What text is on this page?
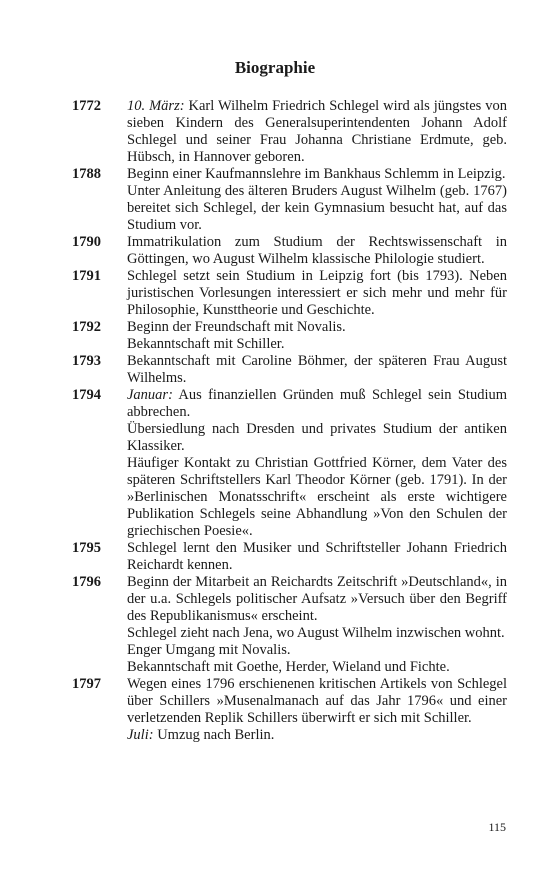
Biographie
1772 10. März: Karl Wilhelm Friedrich Schlegel wird als jüngstes von sieben Kindern des Generalsuperintendenten Johann Adolf Schlegel und seiner Frau Johanna Christiane Erdmute, geb. Hübsch, in Hannover geboren.

1788 Beginn einer Kaufmannslehre im Bankhaus Schlemm in Leipzig.

Unter Anleitung des älteren Bruders August Wilhelm (geb. 1767) bereitet sich Schlegel, der kein Gymnasium besucht hat, auf das Studium vor.

1790 Immatrikulation zum Studium der Rechtswissenschaft in Göttingen, wo August Wilhelm klassische Philologie studiert.

1791 Schlegel setzt sein Studium in Leipzig fort (bis 1793). Neben juristischen Vorlesungen interessiert er sich mehr und mehr für Philosophie, Kunsttheorie und Geschichte.

1792 Beginn der Freundschaft mit Novalis.

Bekanntschaft mit Schiller.

1793 Bekanntschaft mit Caroline Böhmer, der späteren Frau August Wilhelms.

1794 Januar: Aus finanziellen Gründen muß Schlegel sein Studium abbrechen.

Übersiedlung nach Dresden und privates Studium der antiken Klassiker.

Häufiger Kontakt zu Christian Gottfried Körner, dem Vater des späteren Schriftstellers Karl Theodor Körner (geb. 1791). In der »Berlinischen Monatsschrift« erscheint als erste wichtigere Publikation Schlegels seine Abhandlung »Von den Schulen der griechischen Poesie«.

1795 Schlegel lernt den Musiker und Schriftsteller Johann Friedrich Reichardt kennen.

1796 Beginn der Mitarbeit an Reichardts Zeitschrift »Deutschland«, in der u.a. Schlegels politischer Aufsatz »Versuch über den Begriff des Republikanismus« erscheint.

Schlegel zieht nach Jena, wo August Wilhelm inzwischen wohnt.

Enger Umgang mit Novalis.

Bekanntschaft mit Goethe, Herder, Wieland und Fichte.

1797 Wegen eines 1796 erschienenen kritischen Artikels von Schlegel über Schillers »Musenalmanach auf das Jahr 1796« und einer verletzenden Replik Schillers überwirft er sich mit Schiller.

Juli: Umzug nach Berlin.

115
